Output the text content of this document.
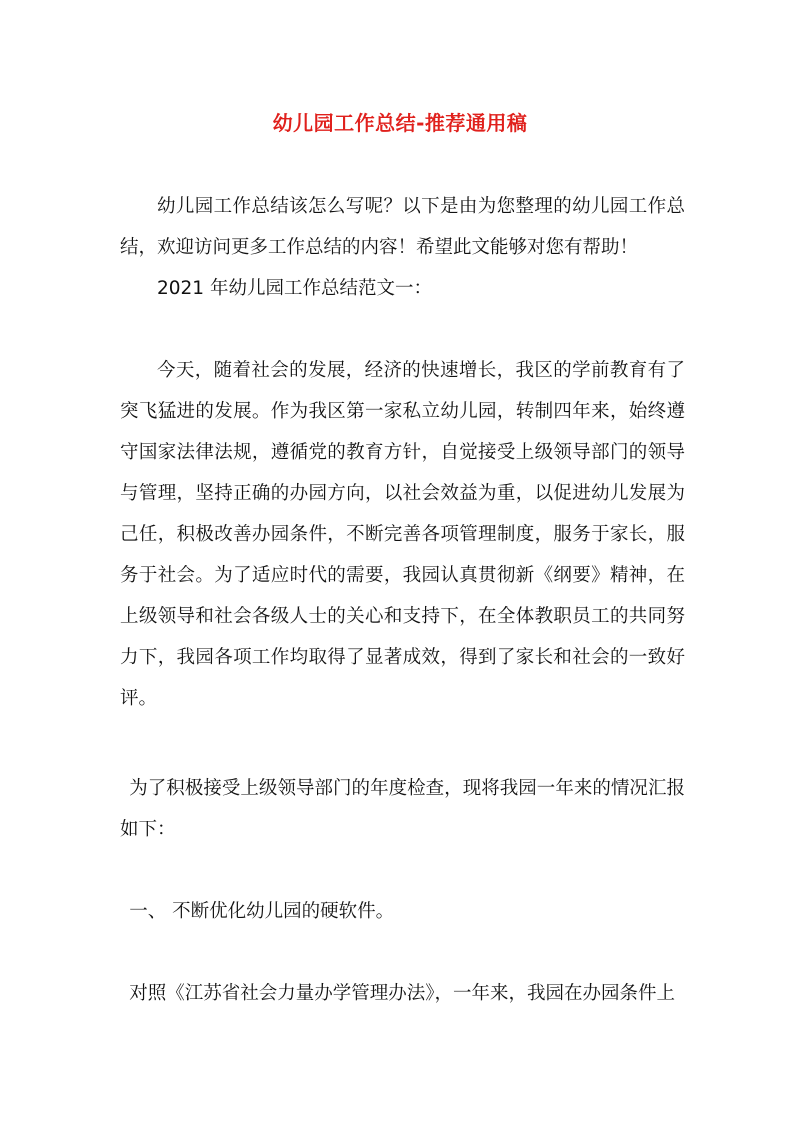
幼儿园工作总结-推荐通用稿

幼儿园工作总结该怎么写呢？以下是由为您整理的幼儿园工作总结，欢迎访问更多工作总结的内容！希望此文能够对您有帮助！

2021 年幼儿园工作总结范文一：

今天，随着社会的发展，经济的快速增长，我区的学前教育有了突飞猛进的发展。作为我区第一家私立幼儿园，转制四年来，始终遵守国家法律法规，遵循党的教育方针，自觉接受上级领导部门的领导与管理，坚持正确的办园方向，以社会效益为重，以促进幼儿发展为己任，积极改善办园条件，不断完善各项管理制度，服务于家长，服务于社会。为了适应时代的需要，我园认真贯彻新《纲要》精神，在上级领导和社会各级人士的关心和支持下，在全体教职员工的共同努力下，我园各项工作均取得了显著成效，得到了家长和社会的一致好评。

为了积极接受上级领导部门的年度检查，现将我园一年来的情况汇报如下：

一、 不断优化幼儿园的硬软件。

对照《江苏省社会力量办学管理办法》，一年来，我园在办园条件上
